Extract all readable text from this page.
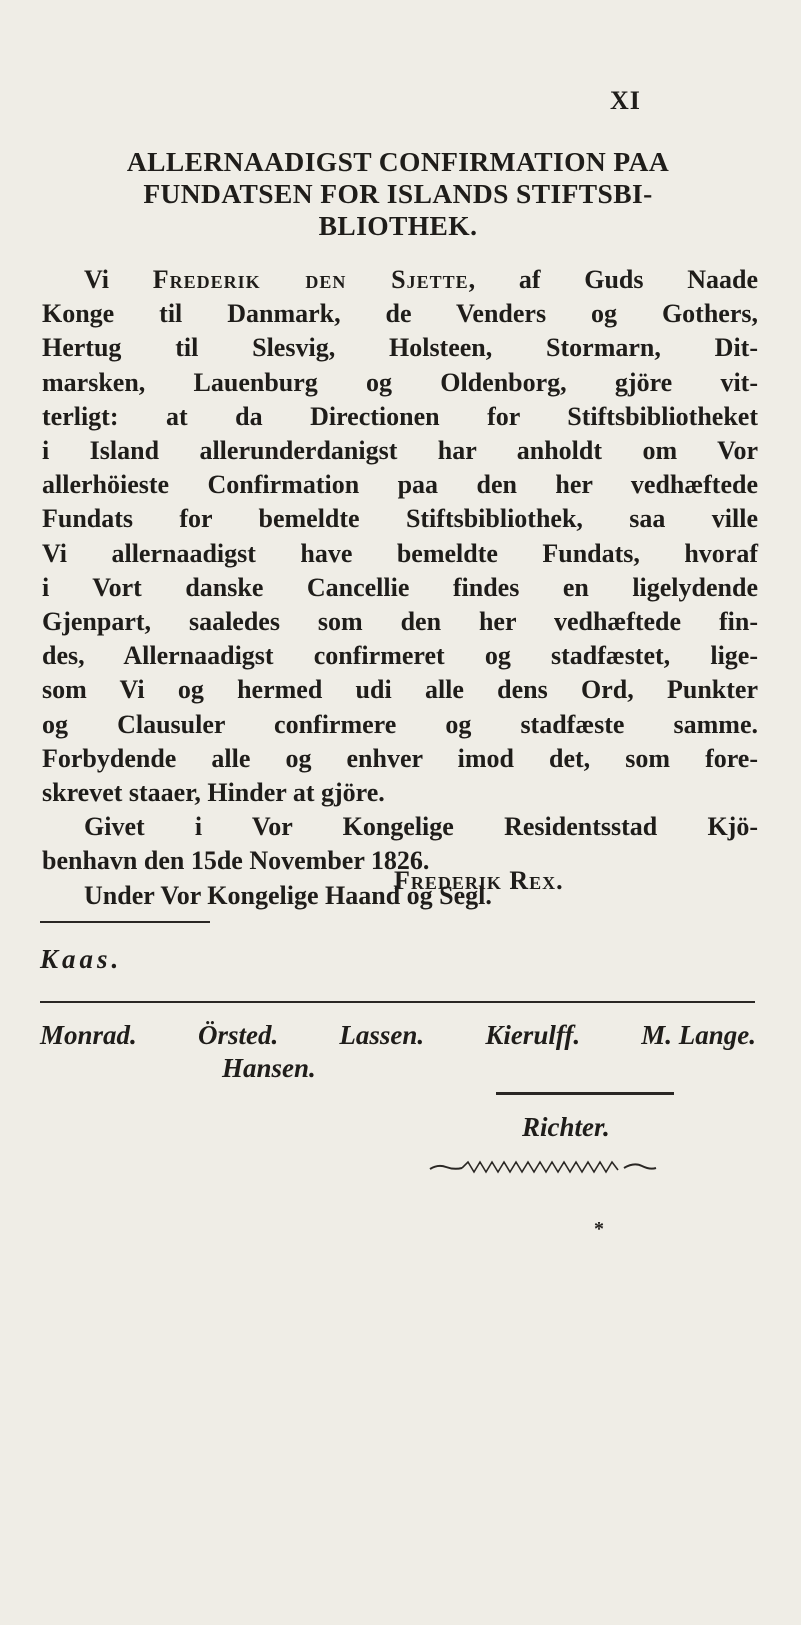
XI
ALLERNAADIGST CONFIRMATION PAA
FUNDATSEN FOR ISLANDS STIFTSBI-
BLIOTHEK.
Vi Frederik den Sjette, af Guds Naade
Konge til Danmark, de Venders og Gothers,
Hertug til Slesvig, Holsteen, Stormarn, Dit-
marsken, Lauenburg og Oldenborg, gjöre vit-
terligt: at da Directionen for Stiftsbibliotheket
i Island allerunderdanigst har anholdt om Vor
allerhöieste Confirmation paa den her vedhæftede
Fundats for bemeldte Stiftsbibliothek, saa ville
Vi allernaadigst have bemeldte Fundats, hvoraf
i Vort danske Cancellie findes en ligelydende
Gjenpart, saaledes som den her vedhæftede fin-
des, Allernaadigst confirmeret og stadfæstet, lige-
som Vi og hermed udi alle dens Ord, Punkter
og Clausuler confirmere og stadfæste samme.
Forbydende alle og enhver imod det, som fore-
skrevet staaer, Hinder at gjöre.
Givet i Vor Kongelige Residentsstad Kjö-
benhavn den 15de November 1826.
Under Vor Kongelige Haand og Segl.
Frederik Rex.
Kaas.
Monrad. Örsted. Lassen. Kierulff. M. Lange.
Hansen.
Richter.
*
